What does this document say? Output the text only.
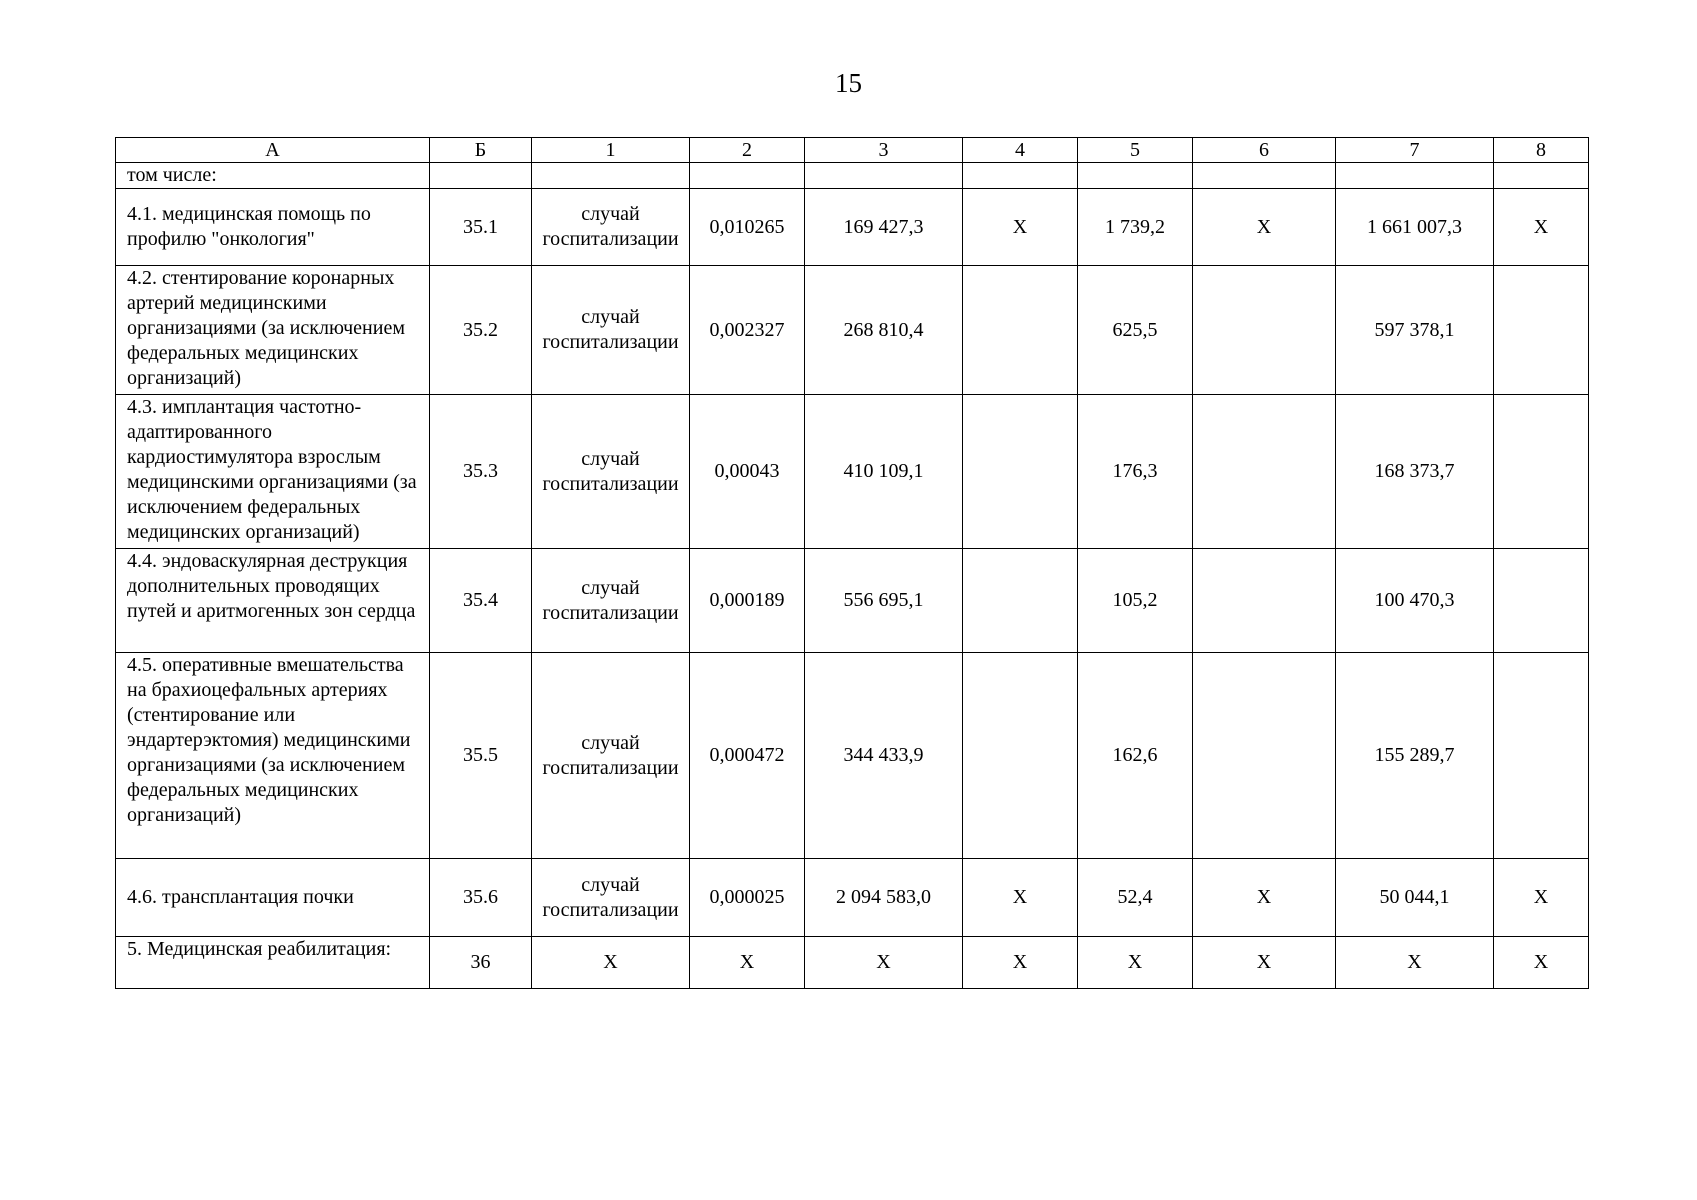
15
А	Б	1	2	3	4	5	6	7	8
том числе:									
4.1. медицинская помощь по профилю "онкология"	35.1	случай госпитализации	0,010265	169 427,3	Х	1 739,2	Х	1 661 007,3	Х
4.2. стентирование коронарных артерий медицинскими организациями (за исключением федеральных медицинских организаций)	35.2	случай госпитализации	0,002327	268 810,4		625,5		597 378,1	
4.3. имплантация частотно-адаптированного кардиостимулятора взрослым медицинскими организациями (за исключением федеральных медицинских организаций)	35.3	случай госпитализации	0,00043	410 109,1		176,3		168 373,7	
4.4. эндоваскулярная деструкция дополнительных проводящих путей и аритмогенных зон сердца	35.4	случай госпитализации	0,000189	556 695,1		105,2		100 470,3	
4.5. оперативные вмешательства на брахиоцефальных артериях (стентирование или эндартерэктомия) медицинскими организациями (за исключением федеральных медицинских организаций)	35.5	случай госпитализации	0,000472	344 433,9		162,6		155 289,7	
4.6. трансплантация почки	35.6	случай госпитализации	0,000025	2 094 583,0	Х	52,4	Х	50 044,1	Х
5. Медицинская реабилитация:	36	Х	Х	Х	Х	Х	Х	Х	Х
